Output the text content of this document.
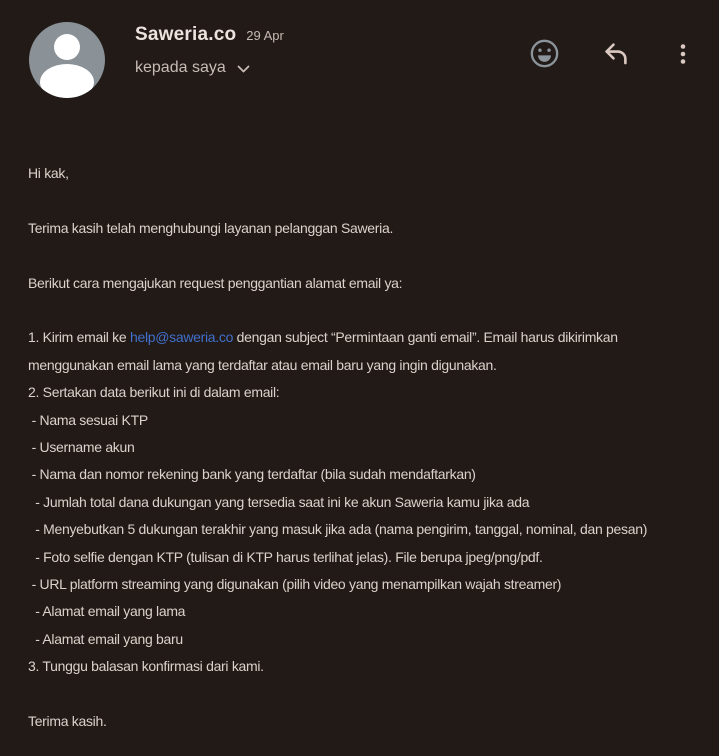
Saweria.co 29 Apr
kepada saya
Hi kak,
Terima kasih telah menghubungi layanan pelanggan Saweria.
Berikut cara mengajukan request penggantian alamat email ya:
1. Kirim email ke help@saweria.co dengan subject “Permintaan ganti email”. Email harus dikirimkan menggunakan email lama yang terdaftar atau email baru yang ingin digunakan.
2. Sertakan data berikut ini di dalam email:
- Nama sesuai KTP
- Username akun
- Nama dan nomor rekening bank yang terdaftar (bila sudah mendaftarkan)
- Jumlah total dana dukungan yang tersedia saat ini ke akun Saweria kamu jika ada
- Menyebutkan 5 dukungan terakhir yang masuk jika ada (nama pengirim, tanggal, nominal, dan pesan)
- Foto selfie dengan KTP (tulisan di KTP harus terlihat jelas). File berupa jpeg/png/pdf.
- URL platform streaming yang digunakan (pilih video yang menampilkan wajah streamer)
- Alamat email yang lama
- Alamat email yang baru
3. Tunggu balasan konfirmasi dari kami.
Terima kasih.
